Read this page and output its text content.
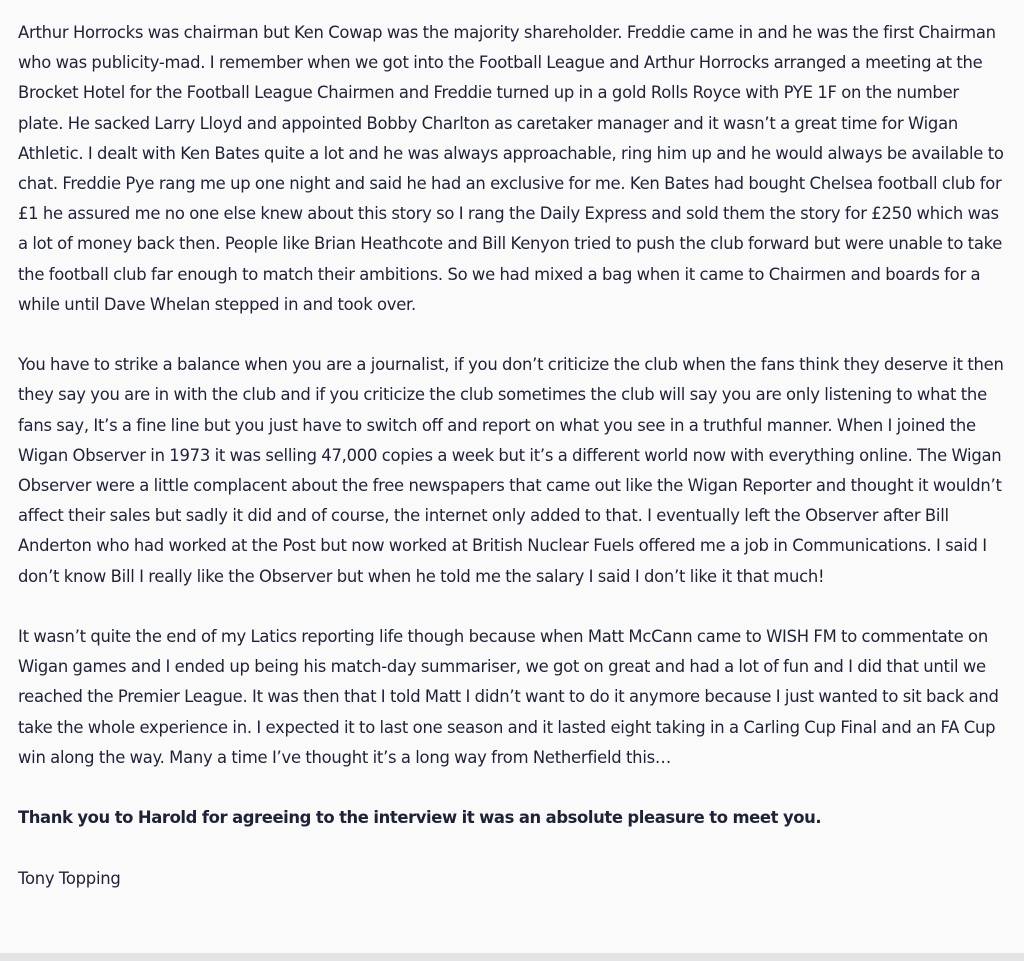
Arthur Horrocks was chairman but Ken Cowap was the majority shareholder. Freddie came in and he was the first Chairman who was publicity-mad. I remember when we got into the Football League and Arthur Horrocks arranged a meeting at the Brocket Hotel for the Football League Chairmen and Freddie turned up in a gold Rolls Royce with PYE 1F on the number plate. He sacked Larry Lloyd and appointed Bobby Charlton as caretaker manager and it wasn’t a great time for Wigan Athletic. I dealt with Ken Bates quite a lot and he was always approachable, ring him up and he would always be available to chat. Freddie Pye rang me up one night and said he had an exclusive for me. Ken Bates had bought Chelsea football club for £1 he assured me no one else knew about this story so I rang the Daily Express and sold them the story for £250 which was a lot of money back then. People like Brian Heathcote and Bill Kenyon tried to push the club forward but were unable to take the football club far enough to match their ambitions. So we had mixed a bag when it came to Chairmen and boards for a while until Dave Whelan stepped in and took over.

You have to strike a balance when you are a journalist, if you don’t criticize the club when the fans think they deserve it then they say you are in with the club and if you criticize the club sometimes the club will say you are only listening to what the fans say, It’s a fine line but you just have to switch off and report on what you see in a truthful manner. When I joined the Wigan Observer in 1973 it was selling 47,000 copies a week but it’s a different world now with everything online. The Wigan Observer were a little complacent about the free newspapers that came out like the Wigan Reporter and thought it wouldn’t affect their sales but sadly it did and of course, the internet only added to that. I eventually left the Observer after Bill Anderton who had worked at the Post but now worked at British Nuclear Fuels offered me a job in Communications. I said I don’t know Bill I really like the Observer but when he told me the salary I said I don’t like it that much!

It wasn’t quite the end of my Latics reporting life though because when Matt McCann came to WISH FM to commentate on Wigan games and I ended up being his match-day summariser, we got on great and had a lot of fun and I did that until we reached the Premier League. It was then that I told Matt I didn’t want to do it anymore because I just wanted to sit back and take the whole experience in. I expected it to last one season and it lasted eight taking in a Carling Cup Final and an FA Cup win along the way. Many a time I’ve thought it’s a long way from Netherfield this…

Thank you to Harold for agreeing to the interview it was an absolute pleasure to meet you.

Tony Topping
